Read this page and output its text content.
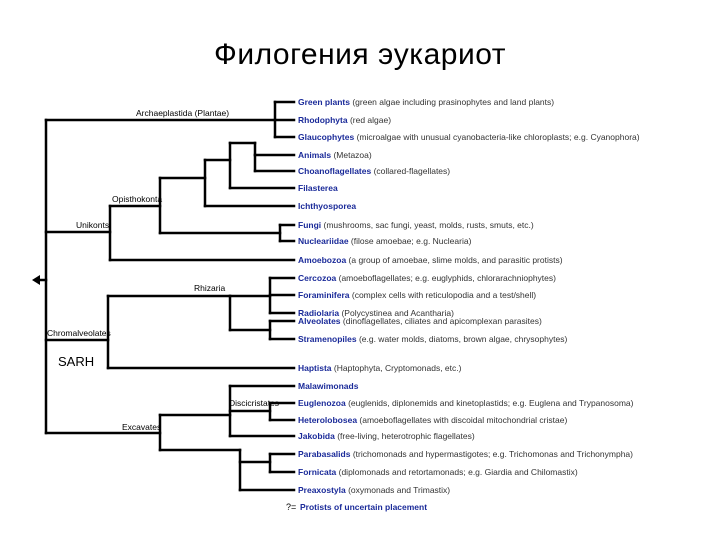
Филогения эукариот
Archaeplastida (Plantae)
Opisthokonta
Unikonts
Rhizaria
Chromalveolates
SARH
Discicristates
Excavates
Green plants (green algae including prasinophytes and land plants)
Rhodophyta (red algae)
Glaucophytes (microalgae with unusual cyanobacteria-like chloroplasts; e.g. Cyanophora)
Animals (Metazoa)
Choanoflagellates (collared-flagellates)
Filasterea
Ichthyosporea
Fungi (mushrooms, sac fungi, yeast, molds, rusts, smuts, etc.)
Nucleariidae (filose amoebae; e.g. Nuclearia)
Amoebozoa (a group of amoebae, slime molds, and parasitic protists)
Cercozoa (amoeboflagellates; e.g. euglyphids, chlorarachniophytes)
Foraminifera (complex cells with reticulopodia and a test/shell)
Radiolaria (Polycystinea and Acantharia)
Alveolates (dinoflagellates, ciliates and apicomplexan parasites)
Stramenopiles (e.g. water molds, diatoms, brown algae, chrysophytes)
Haptista (Haptophyta, Cryptomonads, etc.)
Malawimonads
Euglenozoa (euglenids, diplonemids and kinetoplastids; e.g. Euglena and Trypanosoma)
Heterolobosea (amoeboflagellates with discoidal mitochondrial cristae)
Jakobida (free-living, heterotrophic flagellates)
Parabasalids (trichomonads and hypermastigotes; e.g. Trichomonas and Trichonympha)
Fornicata (diplomonads and retortamonads; e.g. Giardia and Chilomastix)
Preaxostyla (oxymonads and Trimastix)
?= Protists of uncertain placement
